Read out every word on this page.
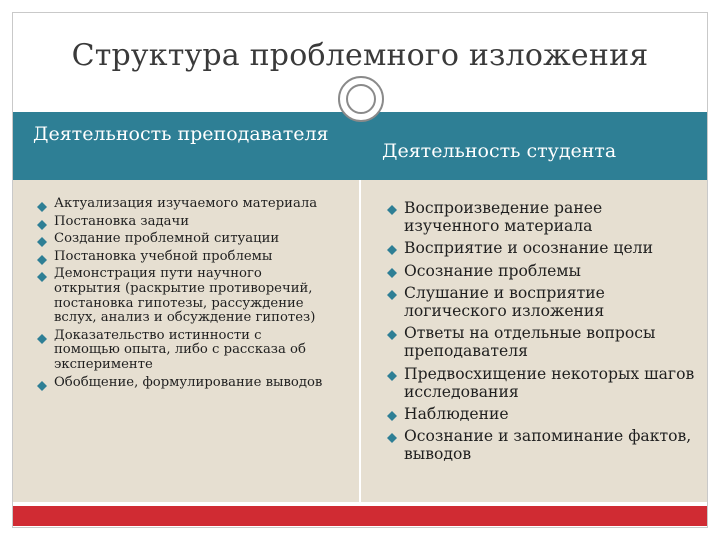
Структура проблемного изложения
Деятельность преподавателя
Деятельность студента
Актуализация изучаемого материала
Постановка задачи
Создание проблемной ситуации
Постановка учебной проблемы
Демонстрация пути научного открытия (раскрытие противоречий, постановка гипотезы, рассуждение вслух, анализ и обсуждение гипотез)
Доказательство истинности с помощью опыта, либо с рассказа об эксперименте
Обобщение, формулирование выводов
Воспроизведение ранее изученного материала
Восприятие и осознание цели
Осознание проблемы
Слушание и восприятие логического изложения
Ответы на отдельные вопросы преподавателя
Предвосхищение некоторых шагов исследования
Наблюдение
Осознание и запоминание фактов, выводов
